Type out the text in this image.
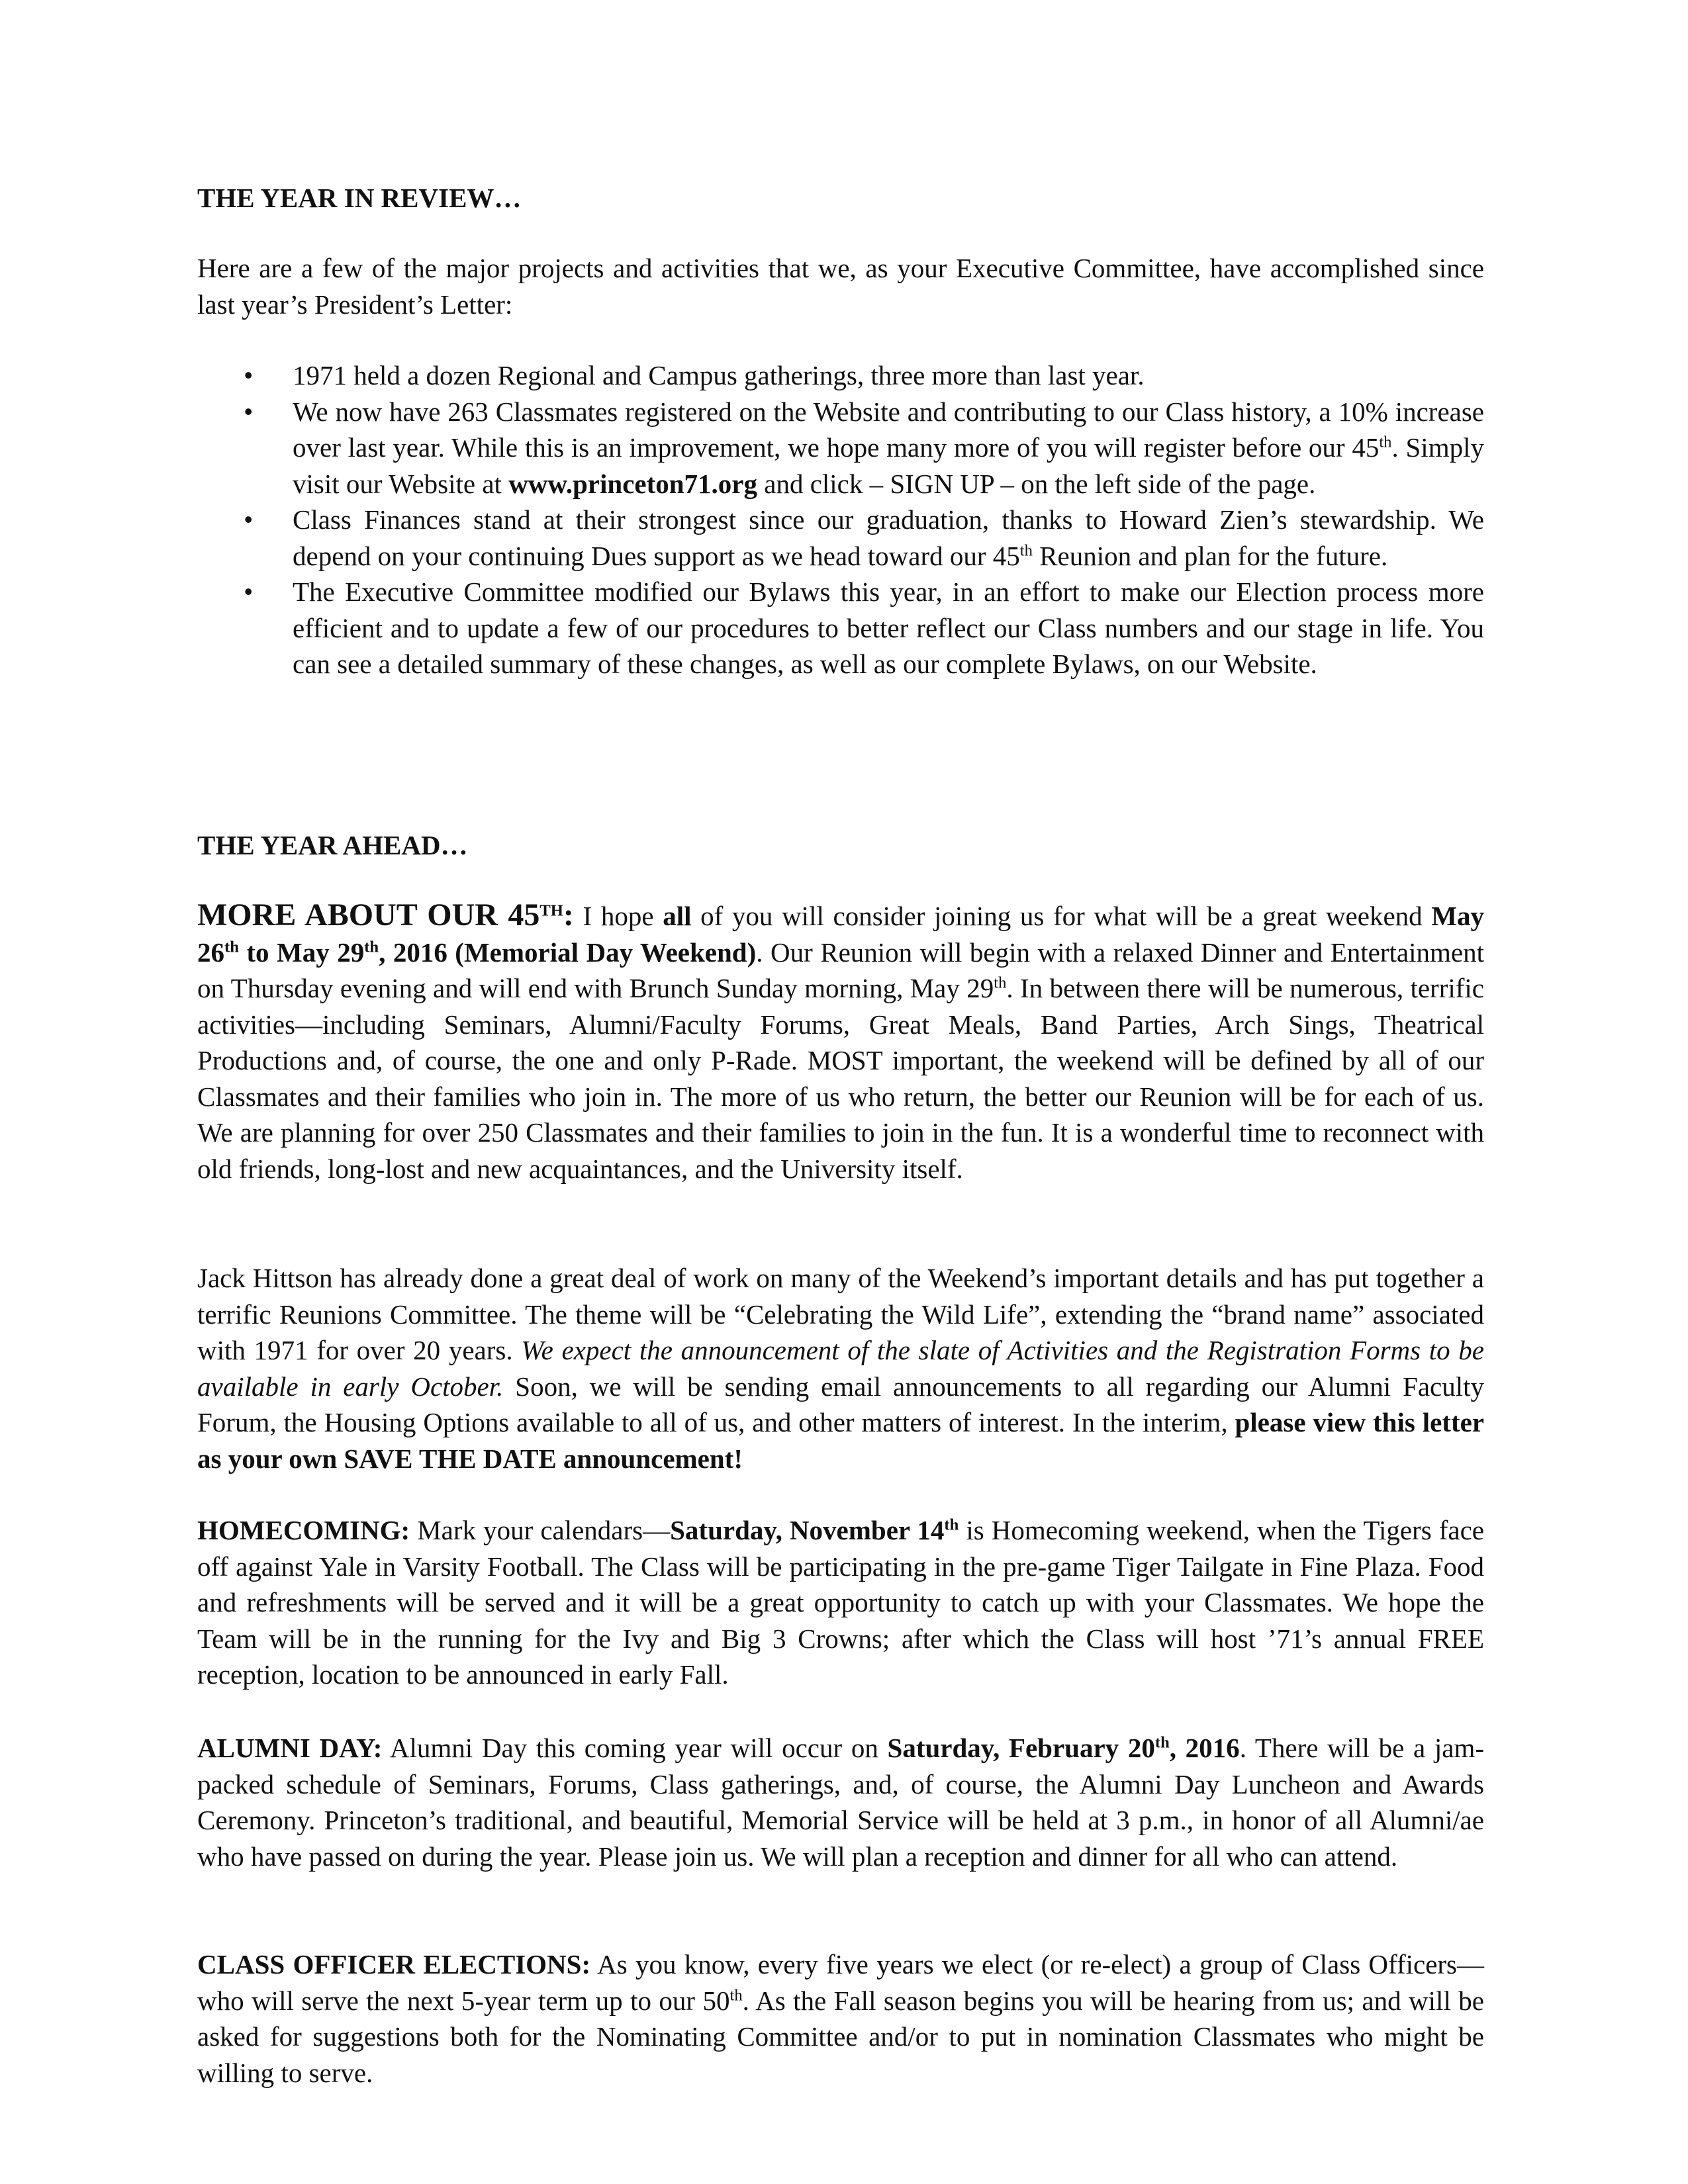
THE YEAR IN REVIEW…
Here are a few of the major projects and activities that we, as your Executive Committee, have accomplished since last year’s President’s Letter:
• 1971 held a dozen Regional and Campus gatherings, three more than last year.
• We now have 263 Classmates registered on the Website and contributing to our Class history, a 10% increase over last year. While this is an improvement, we hope many more of you will register before our 45th. Simply visit our Website at www.princeton71.org and click – SIGN UP – on the left side of the page.
• Class Finances stand at their strongest since our graduation, thanks to Howard Zien’s stewardship. We depend on your continuing Dues support as we head toward our 45th Reunion and plan for the future.
• The Executive Committee modified our Bylaws this year, in an effort to make our Election process more efficient and to update a few of our procedures to better reflect our Class numbers and our stage in life. You can see a detailed summary of these changes, as well as our complete Bylaws, on our Website.
THE YEAR AHEAD…
MORE ABOUT OUR 45TH: I hope all of you will consider joining us for what will be a great weekend May 26th to May 29th, 2016 (Memorial Day Weekend). Our Reunion will begin with a relaxed Dinner and Entertainment on Thursday evening and will end with Brunch Sunday morning, May 29th. In between there will be numerous, terrific activities—including Seminars, Alumni/Faculty Forums, Great Meals, Band Parties, Arch Sings, Theatrical Productions and, of course, the one and only P-Rade. MOST important, the weekend will be defined by all of our Classmates and their families who join in. The more of us who return, the better our Reunion will be for each of us. We are planning for over 250 Classmates and their families to join in the fun. It is a wonderful time to reconnect with old friends, long-lost and new acquaintances, and the University itself.
Jack Hittson has already done a great deal of work on many of the Weekend’s important details and has put together a terrific Reunions Committee. The theme will be “Celebrating the Wild Life”, extending the “brand name” associated with 1971 for over 20 years. We expect the announcement of the slate of Activities and the Registration Forms to be available in early October. Soon, we will be sending email announcements to all regarding our Alumni Faculty Forum, the Housing Options available to all of us, and other matters of interest. In the interim, please view this letter as your own SAVE THE DATE announcement!
HOMECOMING: Mark your calendars—Saturday, November 14th is Homecoming weekend, when the Tigers face off against Yale in Varsity Football. The Class will be participating in the pre-game Tiger Tailgate in Fine Plaza. Food and refreshments will be served and it will be a great opportunity to catch up with your Classmates. We hope the Team will be in the running for the Ivy and Big 3 Crowns; after which the Class will host ’71’s annual FREE reception, location to be announced in early Fall.
ALUMNI DAY: Alumni Day this coming year will occur on Saturday, February 20th, 2016. There will be a jam-packed schedule of Seminars, Forums, Class gatherings, and, of course, the Alumni Day Luncheon and Awards Ceremony. Princeton’s traditional, and beautiful, Memorial Service will be held at 3 p.m., in honor of all Alumni/ae who have passed on during the year. Please join us. We will plan a reception and dinner for all who can attend.
CLASS OFFICER ELECTIONS: As you know, every five years we elect (or re-elect) a group of Class Officers—who will serve the next 5-year term up to our 50th. As the Fall season begins you will be hearing from us; and will be asked for suggestions both for the Nominating Committee and/or to put in nomination Classmates who might be willing to serve.
